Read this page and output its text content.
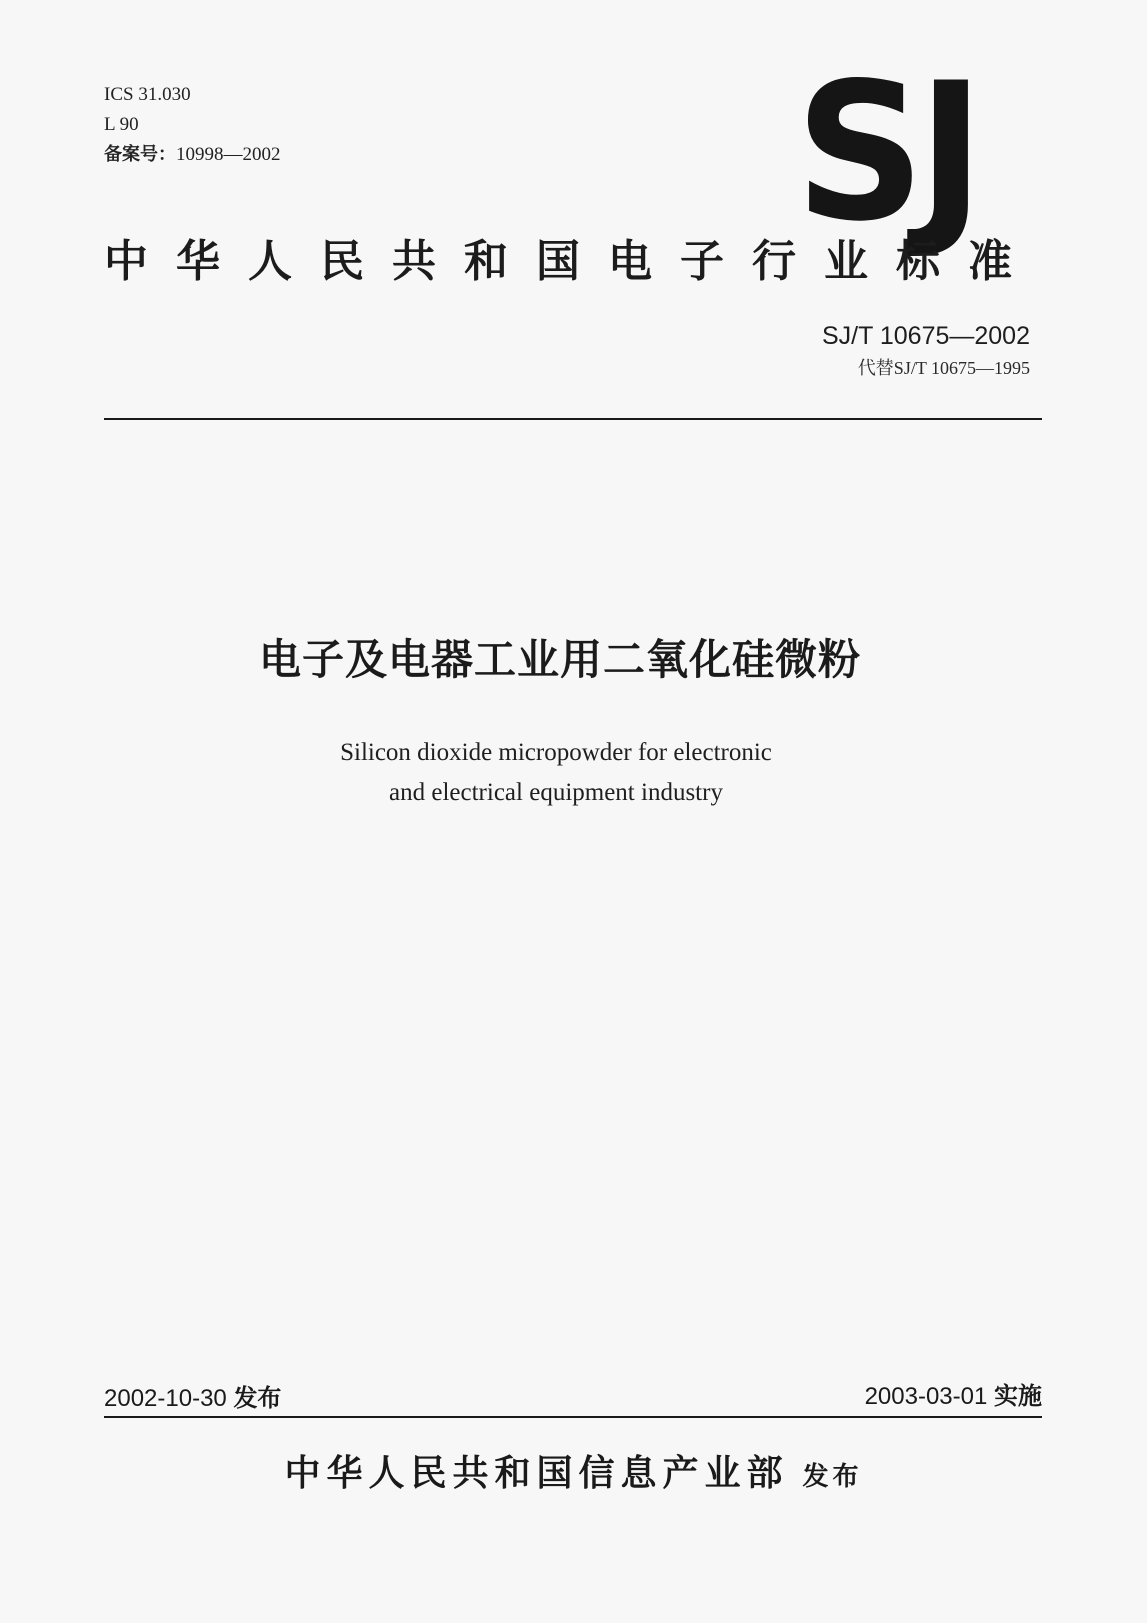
ICS 31.030
L 90
备案号：10998—2002	SJ
中华人民共和国电子行业标准
SJ/T 10675—2002
代替SJ/T 10675—1995
电子及电器工业用二氧化硅微粉
Silicon dioxide micropowder for electronic
and electrical equipment industry
2002-10-30 发布	2003-03-01 实施
中华人民共和国信息产业部 发布
